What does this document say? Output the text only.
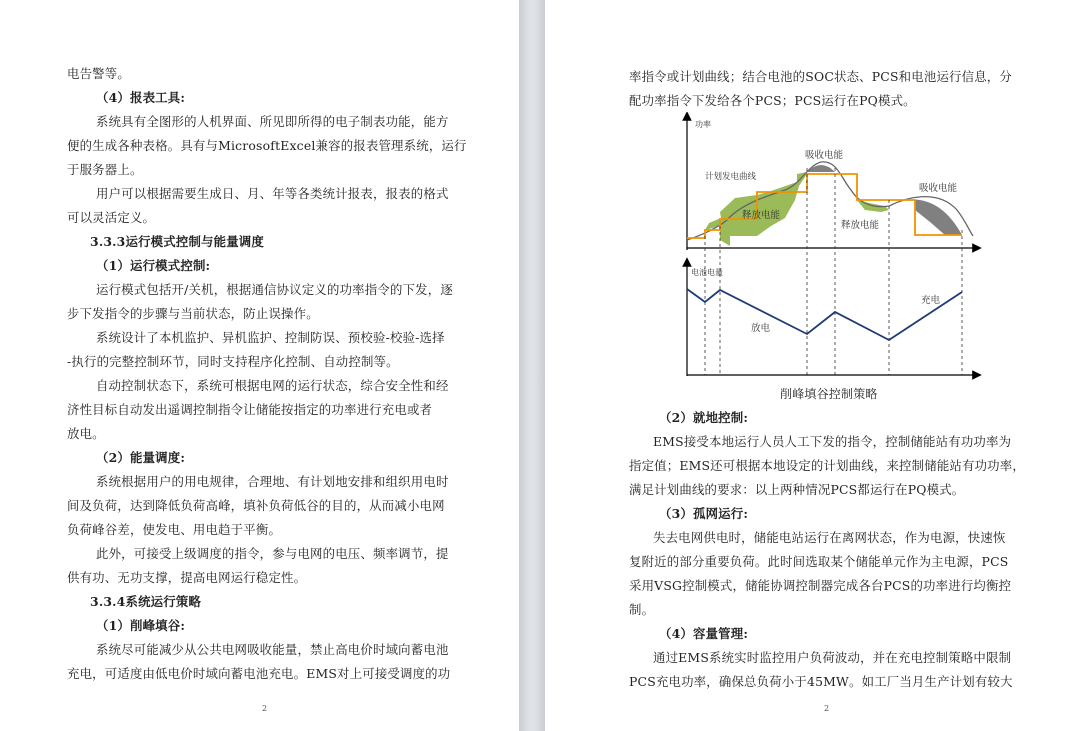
电告警等。
（4）报表工具:
系统具有全图形的人机界面、所见即所得的电子制表功能，能方
便的生成各种表格。具有与MicrosoftExcel兼容的报表管理系统，运行
于服务器上。
用户可以根据需要生成日、月、年等各类统计报表，报表的格式
可以灵活定义。
3.3.3运行模式控制与能量调度
（1）运行模式控制:
运行模式包括开/关机，根据通信协议定义的功率指令的下发，逐
步下发指令的步骤与当前状态，防止误操作。
系统设计了本机监护、异机监护、控制防误、预校验-校验-选择
-执行的完整控制环节，同时支持程序化控制、自动控制等。
自动控制状态下，系统可根据电网的运行状态，综合安全性和经
济性目标自动发出遥调控制指令让储能按指定的功率进行充电或者
放电。
（2）能量调度:
系统根据用户的用电规律，合理地、有计划地安排和组织用电时
间及负荷，达到降低负荷高峰，填补负荷低谷的目的，从而减小电网
负荷峰谷差，使发电、用电趋于平衡。
此外，可接受上级调度的指令，参与电网的电压、频率调节，提
供有功、无功支撑，提高电网运行稳定性。
3.3.4系统运行策略
（1）削峰填谷:
系统尽可能减少从公共电网吸收能量，禁止高电价时域向蓄电池
充电，可适度由低电价时域向蓄电池充电。EMS对上可接受调度的功
2
率指令或计划曲线；结合电池的SOC状态、PCS和电池运行信息，分
配功率指令下发给各个PCS；PCS运行在PQ模式。
功率
计划发电曲线
吸收电能
释放电能
释放电能
吸收电能
电池电量
充电
放电
削峰填谷控制策略
（2）就地控制:
EMS接受本地运行人员人工下发的指令，控制储能站有功功率为
指定值；EMS还可根据本地设定的计划曲线，来控制储能站有功功率，
满足计划曲线的要求：以上两种情况PCS都运行在PQ模式。
（3）孤网运行:
失去电网供电时，储能电站运行在离网状态，作为电源，快速恢
复附近的部分重要负荷。此时间选取某个储能单元作为主电源，PCS
采用VSG控制模式，储能协调控制器完成各台PCS的功率进行均衡控
制。
（4）容量管理:
通过EMS系统实时监控用户负荷波动，并在充电控制策略中限制
PCS充电功率，确保总负荷小于45MW。如工厂当月生产计划有较大
2
